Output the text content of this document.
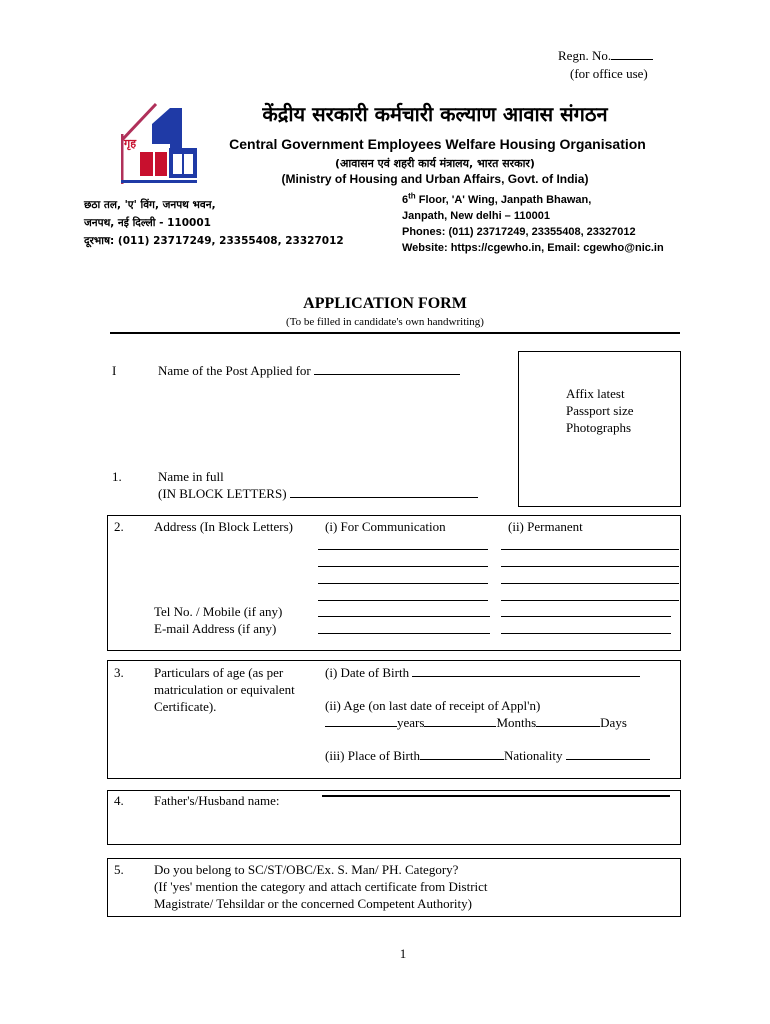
Regn. No.
(for office use)
गृह
केंद्रीय सरकारी कर्मचारी कल्याण आवास संगठन
Central Government Employees Welfare Housing Organisation
(आवासन एवं शहरी कार्य मंत्रालय, भारत सरकार)
(Ministry of Housing and Urban Affairs, Govt. of India)
छठा तल, 'ए' विंग, जनपथ भवन,
जनपथ, नई दिल्ली - 110001
दूरभाष: (011) 23717249, 23355408, 23327012
6th Floor, 'A' Wing, Janpath Bhawan,
Janpath, New delhi – 110001
Phones: (011) 23717249, 23355408, 23327012
Website: https://cgewho.in, Email: cgewho@nic.in
APPLICATION FORM
(To be filled in candidate's own handwriting)
Affix latest
Passport size
Photographs
I	Name of the Post Applied for
1.	Name in full
(IN BLOCK LETTERS)
2. Address (In Block Letters) (i) For Communication	(ii) Permanent
Tel No. / Mobile (if any)
E-mail Address (if any)
3. Particulars of age (as per
matriculation or equivalent
Certificate).
(i) Date of Birth
(ii) Age (on last date of receipt of Appl'n)
years	Months	Days
(iii) Place of Birth	Nationality
4. Father's/Husband name:
5. Do you belong to SC/ST/OBC/Ex. S. Man/ PH. Category?
(If 'yes' mention the category and attach certificate from District
Magistrate/ Tehsildar or the concerned Competent Authority)
1
